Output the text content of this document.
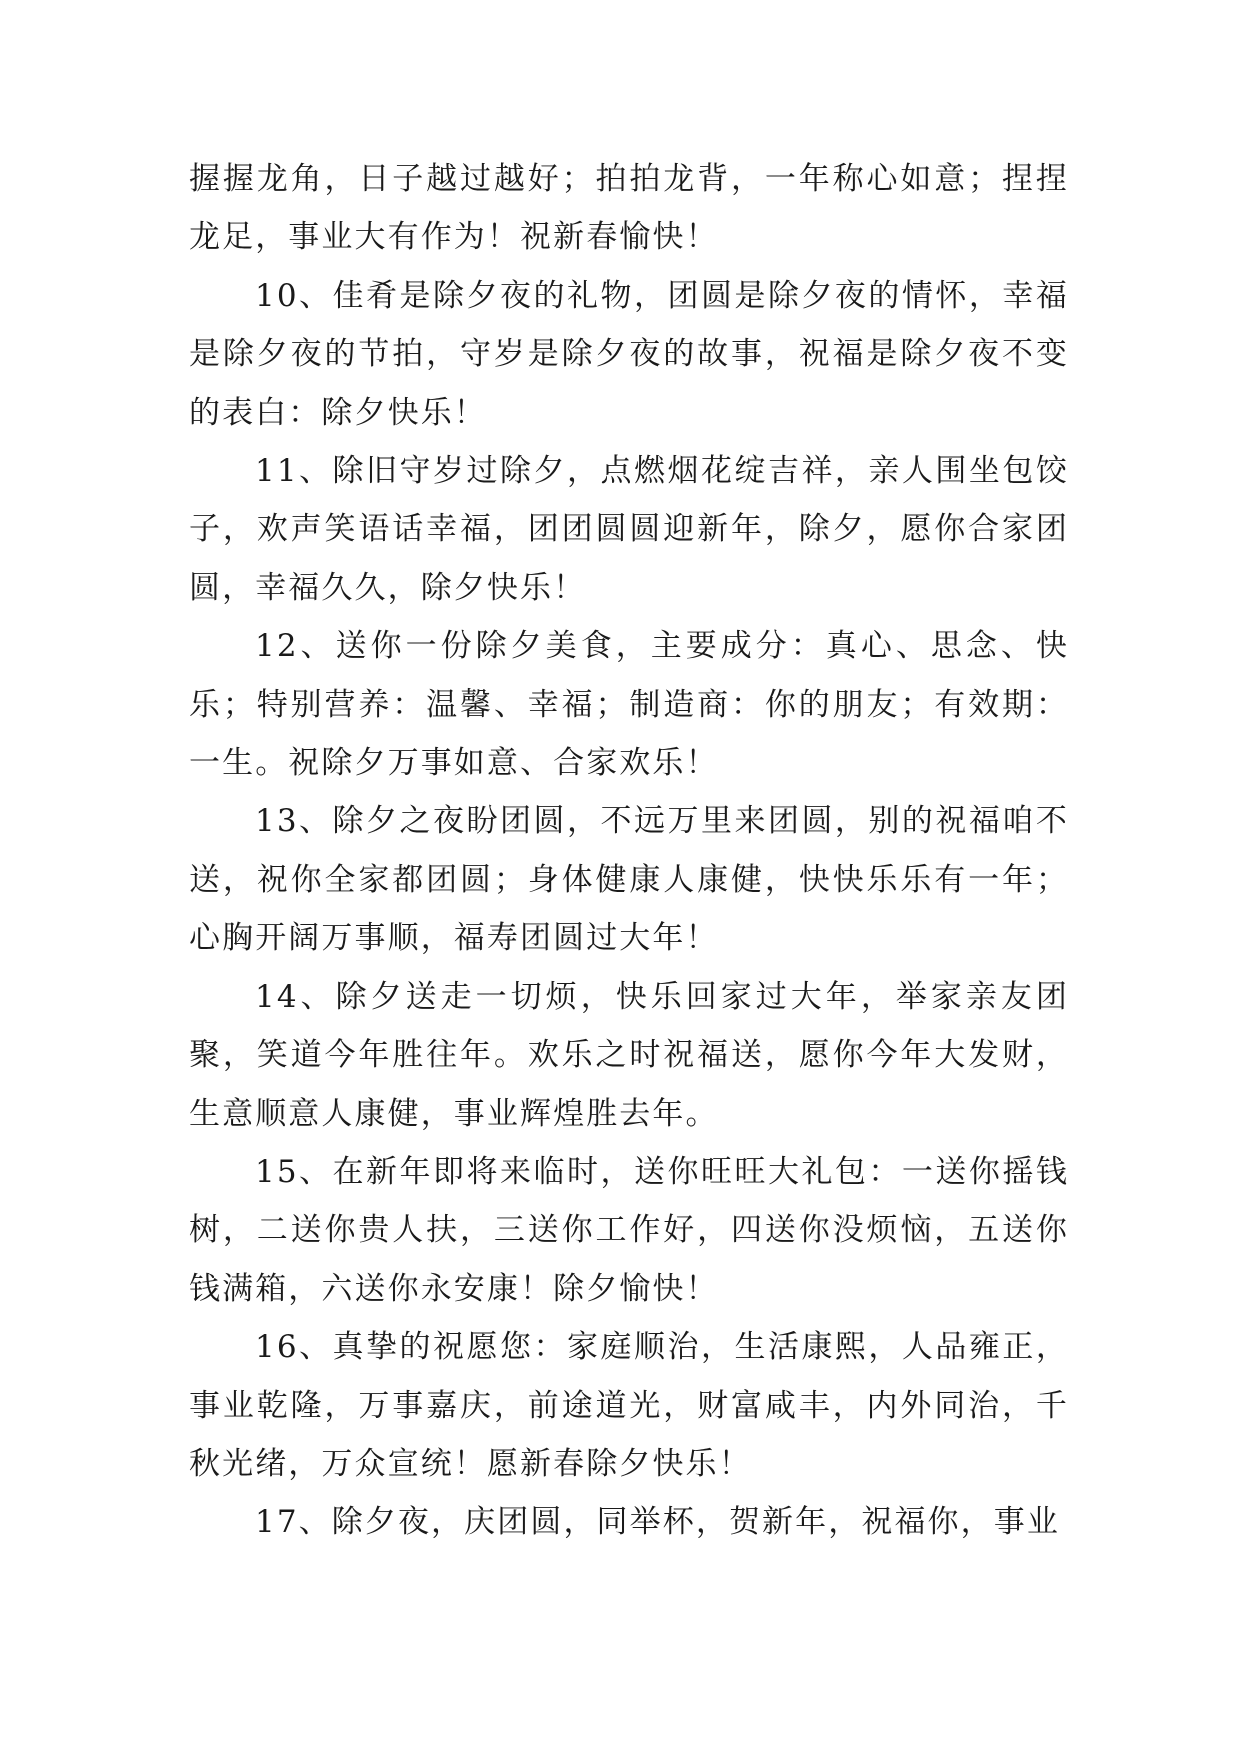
握握龙角，日子越过越好；拍拍龙背，一年称心如意；捏捏龙足，事业大有作为！祝新春愉快！

10、佳肴是除夕夜的礼物，团圆是除夕夜的情怀，幸福是除夕夜的节拍，守岁是除夕夜的故事，祝福是除夕夜不变的表白：除夕快乐！

11、除旧守岁过除夕，点燃烟花绽吉祥，亲人围坐包饺子，欢声笑语话幸福，团团圆圆迎新年，除夕，愿你合家团圆，幸福久久，除夕快乐！

12、送你一份除夕美食，主要成分：真心、思念、快乐；特别营养：温馨、幸福；制造商：你的朋友；有效期：一生。祝除夕万事如意、合家欢乐！

13、除夕之夜盼团圆，不远万里来团圆，别的祝福咱不送，祝你全家都团圆；身体健康人康健，快快乐乐有一年；心胸开阔万事顺，福寿团圆过大年！

14、除夕送走一切烦，快乐回家过大年，举家亲友团聚，笑道今年胜往年。欢乐之时祝福送，愿你今年大发财，生意顺意人康健，事业辉煌胜去年。

15、在新年即将来临时，送你旺旺大礼包：一送你摇钱树，二送你贵人扶，三送你工作好，四送你没烦恼，五送你钱满箱，六送你永安康！除夕愉快！

16、真挚的祝愿您：家庭顺治，生活康熙，人品雍正，事业乾隆，万事嘉庆，前途道光，财富咸丰，内外同治，千秋光绪，万众宣统！愿新春除夕快乐！

17、除夕夜，庆团圆，同举杯，贺新年，祝福你，事业
